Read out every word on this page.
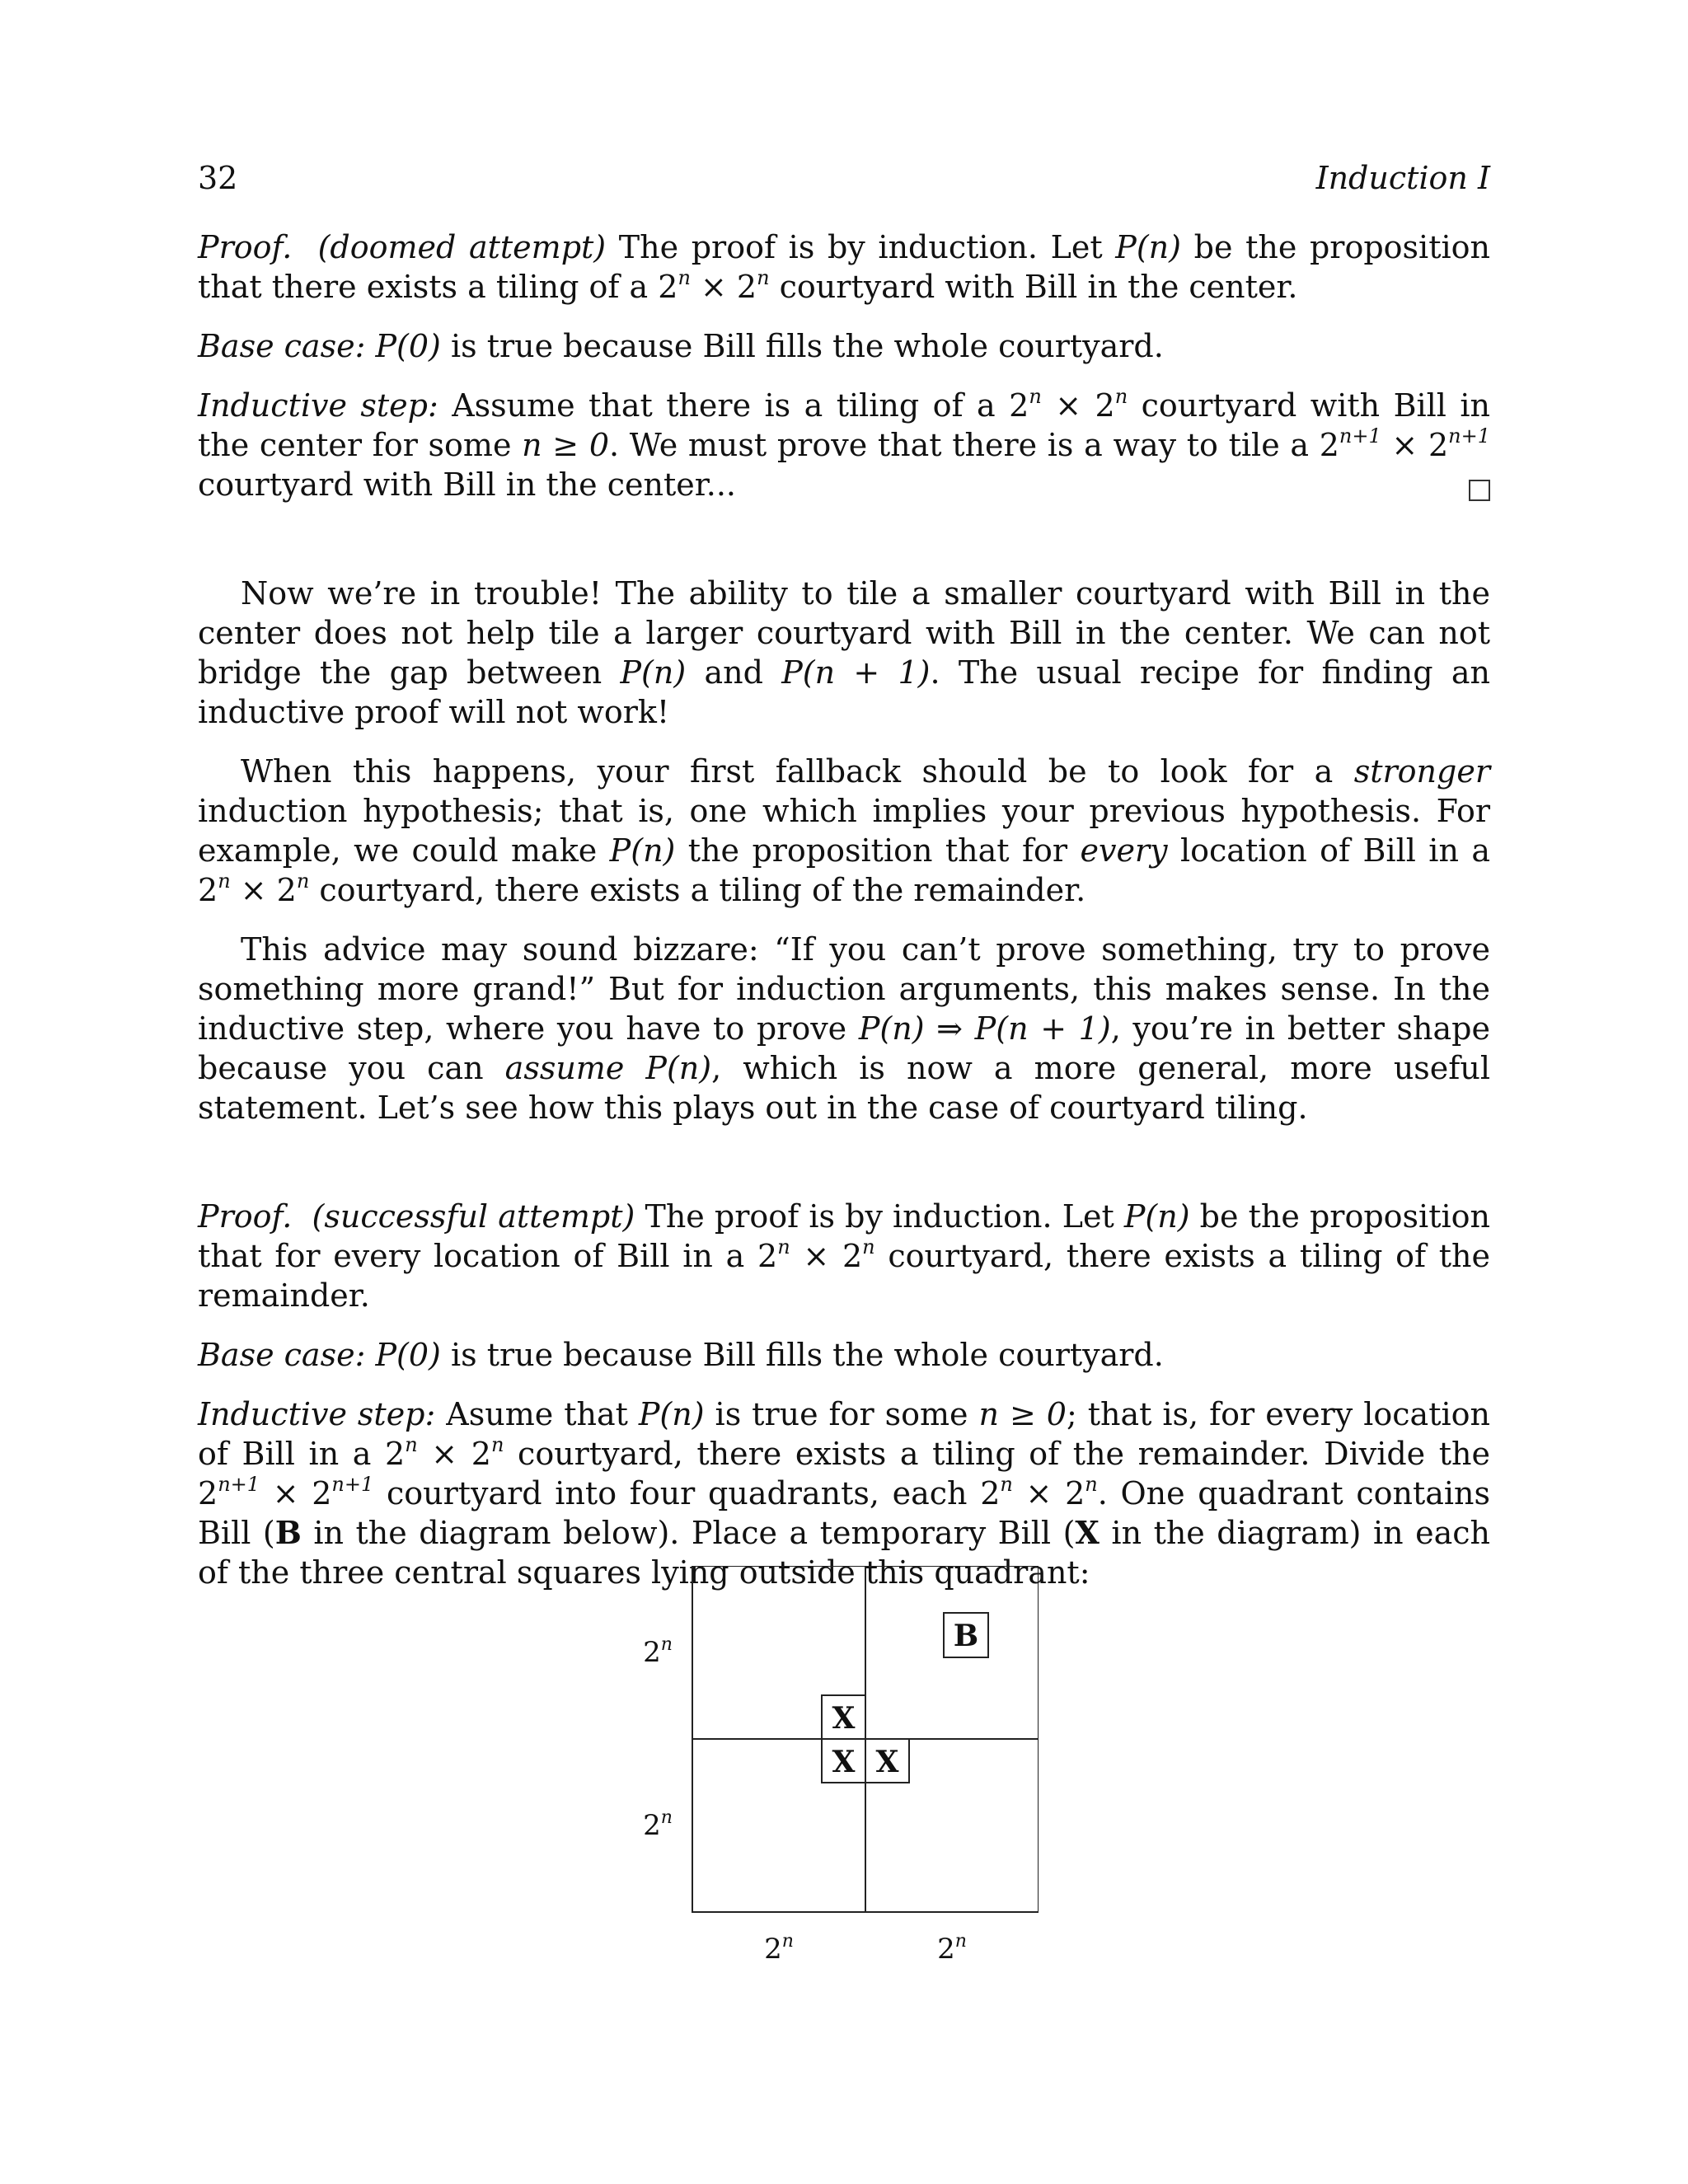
32	Induction I

Proof. (doomed attempt) The proof is by induction. Let P(n) be the proposition that there exists a tiling of a $2^n \times 2^n$ courtyard with Bill in the center.

Base case: P(0) is true because Bill fills the whole courtyard.

Inductive step: Assume that there is a tiling of a $2^n \times 2^n$ courtyard with Bill in the center for some n ≥ 0. We must prove that there is a way to tile a $2^{n+1} \times 2^{n+1}$ courtyard with Bill in the center...

Now we’re in trouble! The ability to tile a smaller courtyard with Bill in the center does not help tile a larger courtyard with Bill in the center. We can not bridge the gap between P(n) and P(n + 1). The usual recipe for finding an inductive proof will not work!

When this happens, your first fallback should be to look for a stronger induction hypothesis; that is, one which implies your previous hypothesis. For example, we could make P(n) the proposition that for every location of Bill in a $2^n \times 2^n$ courtyard, there exists a tiling of the remainder.

This advice may sound bizzare: “If you can’t prove something, try to prove something more grand!” But for induction arguments, this makes sense. In the inductive step, where you have to prove P(n) ⇒ P(n + 1), you’re in better shape because you can assume P(n), which is now a more general, more useful statement. Let’s see how this plays out in the case of courtyard tiling.

Proof. (successful attempt) The proof is by induction. Let P(n) be the proposition that for every location of Bill in a $2^n \times 2^n$ courtyard, there exists a tiling of the remainder.

Base case: P(0) is true because Bill fills the whole courtyard.

Inductive step: Asume that P(n) is true for some n ≥ 0; that is, for every location of Bill in a $2^n \times 2^n$ courtyard, there exists a tiling of the remainder. Divide the $2^{n+1} \times 2^{n+1}$ courtyard into four quadrants, each $2^n \times 2^n$. One quadrant contains Bill (B in the diagram below). Place a temporary Bill (X in the diagram) in each of the three central squares lying outside this quadrant:

B
X
X X
2$^n$
2$^n$
2$^n$	2$^n$
